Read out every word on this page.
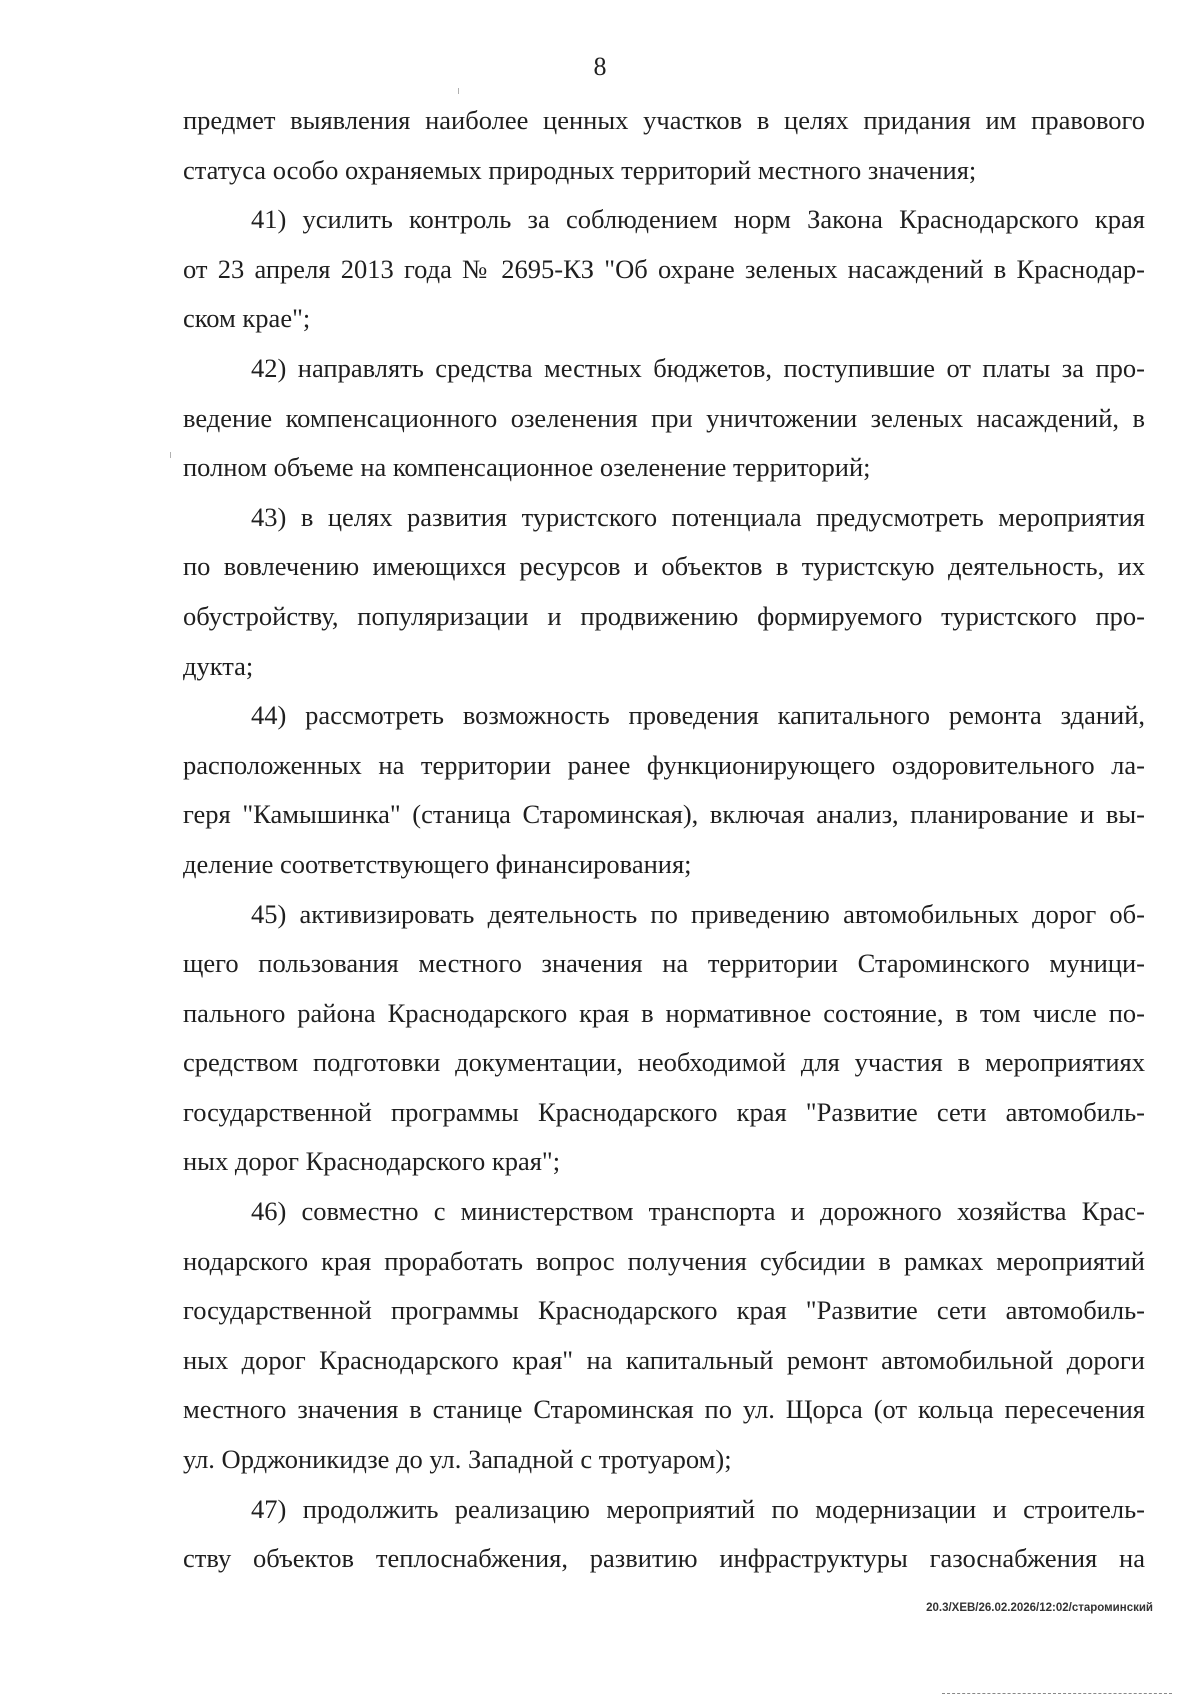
8
предмет выявления наиболее ценных участков в целях придания им правового
статуса особо охраняемых природных территорий местного значения;
41) усилить контроль за соблюдением норм Закона Краснодарского края
от 23 апреля 2013 года № 2695-КЗ "Об охране зеленых насаждений в Краснодар-
ском крае";
42) направлять средства местных бюджетов, поступившие от платы за про-
ведение компенсационного озеленения при уничтожении зеленых насаждений, в
полном объеме на компенсационное озеленение территорий;
43) в целях развития туристского потенциала предусмотреть мероприятия
по вовлечению имеющихся ресурсов и объектов в туристскую деятельность, их
обустройству, популяризации и продвижению формируемого туристского про-
дукта;
44) рассмотреть возможность проведения капитального ремонта зданий,
расположенных на территории ранее функционирующего оздоровительного ла-
геря "Камышинка" (станица Староминская), включая анализ, планирование и вы-
деление соответствующего финансирования;
45) активизировать деятельность по приведению автомобильных дорог об-
щего пользования местного значения на территории Староминского муници-
пального района Краснодарского края в нормативное состояние, в том числе по-
средством подготовки документации, необходимой для участия в мероприятиях
государственной программы Краснодарского края "Развитие сети автомобиль-
ных дорог Краснодарского края";
46) совместно с министерством транспорта и дорожного хозяйства Крас-
нодарского края проработать вопрос получения субсидии в рамках мероприятий
государственной программы Краснодарского края "Развитие сети автомобиль-
ных дорог Краснодарского края" на капитальный ремонт автомобильной дороги
местного значения в станице Староминская по ул. Щорса (от кольца пересечения
ул. Орджоникидзе до ул. Западной с тротуаром);
47) продолжить реализацию мероприятий по модернизации и строитель-
ству объектов теплоснабжения, развитию инфраструктуры газоснабжения на
20.3/ХЕВ/26.02.2026/12:02/староминский
